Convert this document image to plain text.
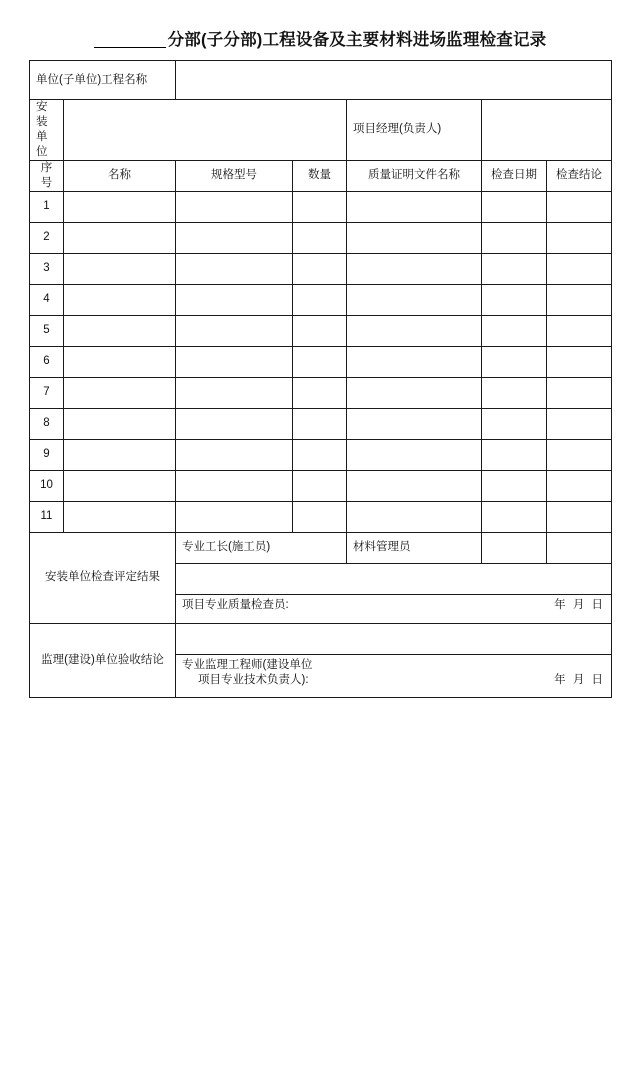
分部(子分部)工程设备及主要材料进场监理检查记录
单位(子单位)工程名称						
安装单位				项目经理(负责人)		
序号	名称	规格型号	数量	质量证明文件名称	检查日期	检查结论
1						
2						
3						
4						
5						
6						
7						
8						
9						
10						
11						
安装单位检查评定结果		专业工长(施工员)		材料管理员		

		项目专业质量检查员: 年 月 日				

监理(建设)单位验收结论						

		专业监理工程师(建设单位
项目专业技术负责人): 年 月 日				
